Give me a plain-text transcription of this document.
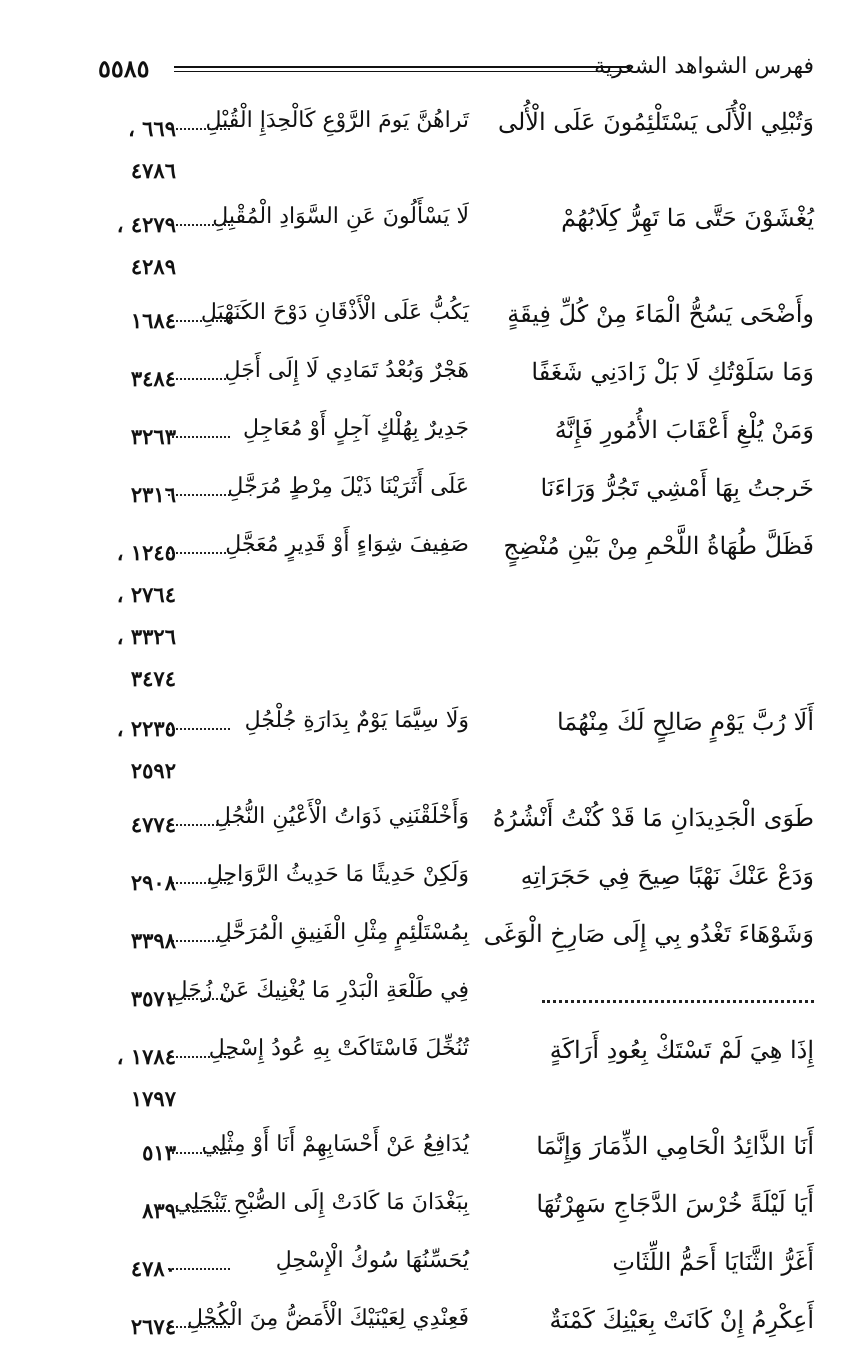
٥٥٨٥	فهرس الشواهد الشعرية
وَتُبْلِي الْأُلَى يَسْتَلْئِمُونَ عَلَى الْأُلى
تَراهُنَّ يَومَ الرَّوْعِ كَالْحِدَإِ الْقُبْلِ
٦٦٩ ،
٤٧٨٦
يُغْشَوْنَ حَتَّى مَا تَهِرُّ كِلَابُهُمْ
لَا يَسْأَلُونَ عَنِ السَّوَادِ الْمُقْبِلِ
٤٢٧٩ ،
٤٢٨٩
وأَضْحَى يَسُحُّ الْمَاءَ مِنْ كُلِّ فِيقَةٍ
يَكُبُّ عَلَى الْأَذْقَانِ دَوْحَ الكَنَهْبَلِ
١٦٨٤
وَمَا سَلَوْتُكِ لَا بَلْ زَادَنِي شَغَفًا
هَجْرٌ وَبُعْدُ تَمَادِي لَا إِلَى أَجَلِ
٣٤٨٤
وَمَنْ يُلْغِ أَعْقَابَ الأُمُورِ فَإِنَّهُ
جَدِيرٌ بِهُلْكٍ آجِلٍ أَوْ مُعَاجِلِ
٣٢٦٣
خَرجتُ بِهَا أَمْشِي تَجُرُّ وَرَاءَنَا
عَلَى أَثَرَيْنَا ذَيْلَ مِرْطٍ مُرَجَّلِ
٢٣١٦
فَظَلَّ طُهَاةُ اللَّحْمِ مِنْ بَيْنِ مُنْضِجٍ
صَفِيفَ شِوَاءٍ أَوْ قَدِيرٍ مُعَجَّلِ
١٢٤٥ ،
٢٧٦٤ ،
٣٣٢٦ ،
٣٤٧٤
أَلَا رُبَّ يَوْمٍ صَالِحٍ لَكَ مِنْهُمَا
وَلَا سِيَّمَا يَوْمٌ بِدَارَةِ جُلْجُلِ
٢٢٣٥ ،
٢٥٩٢
طَوَى الْجَدِيدَانِ مَا قَدْ كُنْتُ أَنْشُرُهُ
وَأَخْلَقْنَنِي ذَوَاتُ الْأَعْيُنِ النُّجُلِ
٤٧٧٤
وَدَعْ عَنْكَ نَهْبًا صِيحَ فِي حَجَرَاتِهِ
وَلَكِنْ حَدِيثًا مَا حَدِيثُ الرَّوَاحِلِ
٢٩٠٨
وَشَوْهَاءَ تَغْدُو بِي إِلَى صَارِخِ الْوَغَى
بِمُسْتَلْئِمٍ مِثْلِ الْفَنِيقِ الْمُرَحَّلِ
٣٣٩٨
فِي طَلْعَةِ الْبَدْرِ مَا يُغْنِيكَ عَنْ زُحَلِ
٣٥٧١
إِذَا هِيَ لَمْ تَسْتَكْ بِعُودِ أَرَاكَةٍ
تُنُخِّلَ فَاسْتَاكَتْ بِهِ عُودُ إِسْحِلِ
١٧٨٤ ،
١٧٩٧
أَنَا الذَّائِدُ الْحَامِي الذِّمَارَ وَإِنَّمَا
يُدَافِعُ عَنْ أَحْسَابِهِمْ أَنَا أَوْ مِثْلِي
٥١٣
أَيَا لَيْلَةً خُرْسَ الدَّجَاجِ سَهِرْتُهَا
بِبَغْدَانَ مَا كَادَتْ إِلَى الصُّبْحِ تَنْجَلِي
٨٣٩
أَغَرُّ الثَّنَايَا أَحَمُّ اللِّثَاتِ
يُحَسِّنُهَا سُوكُ الْإِسْحِلِ
٤٧٨٠
أَعِكْرِمُ إِنْ كَانَتْ بِعَيْنِكَ كَمْنَةٌ
فَعِنْدِي لِعَيْنَيْكَ الْأَمَضُّ مِنَ الْكُحْلِ
٢٦٧٤
